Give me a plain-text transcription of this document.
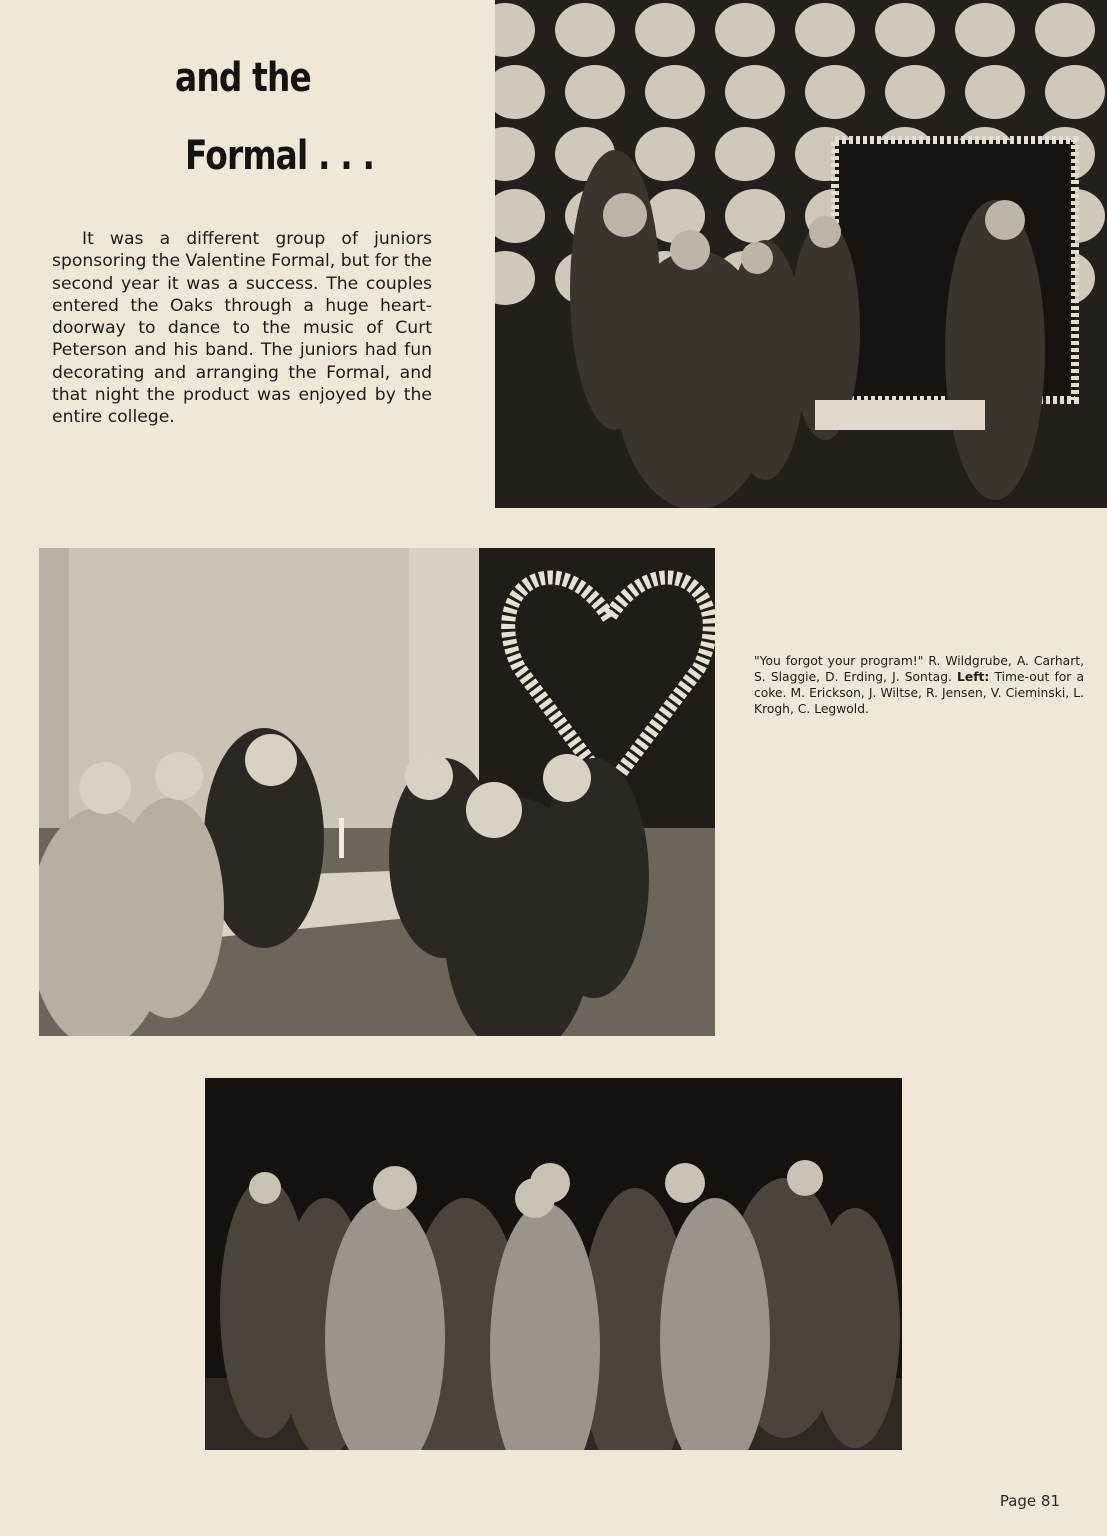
and the
Formal . . .

It was a different group of juniors sponsoring the Valentine Formal, but for the second year it was a success. The couples entered the Oaks through a huge heart-doorway to dance to the music of Curt Peterson and his band. The juniors had fun decorating and arranging the Formal, and that night the product was enjoyed by the entire college.

"You forgot your program!" R. Wildgrube, A. Carhart, S. Slaggie, D. Erding, J. Sontag. Left: Time-out for a coke. M. Erickson, J. Wiltse, R. Jensen, V. Cieminski, L. Krogh, C. Legwold.

Page 81
